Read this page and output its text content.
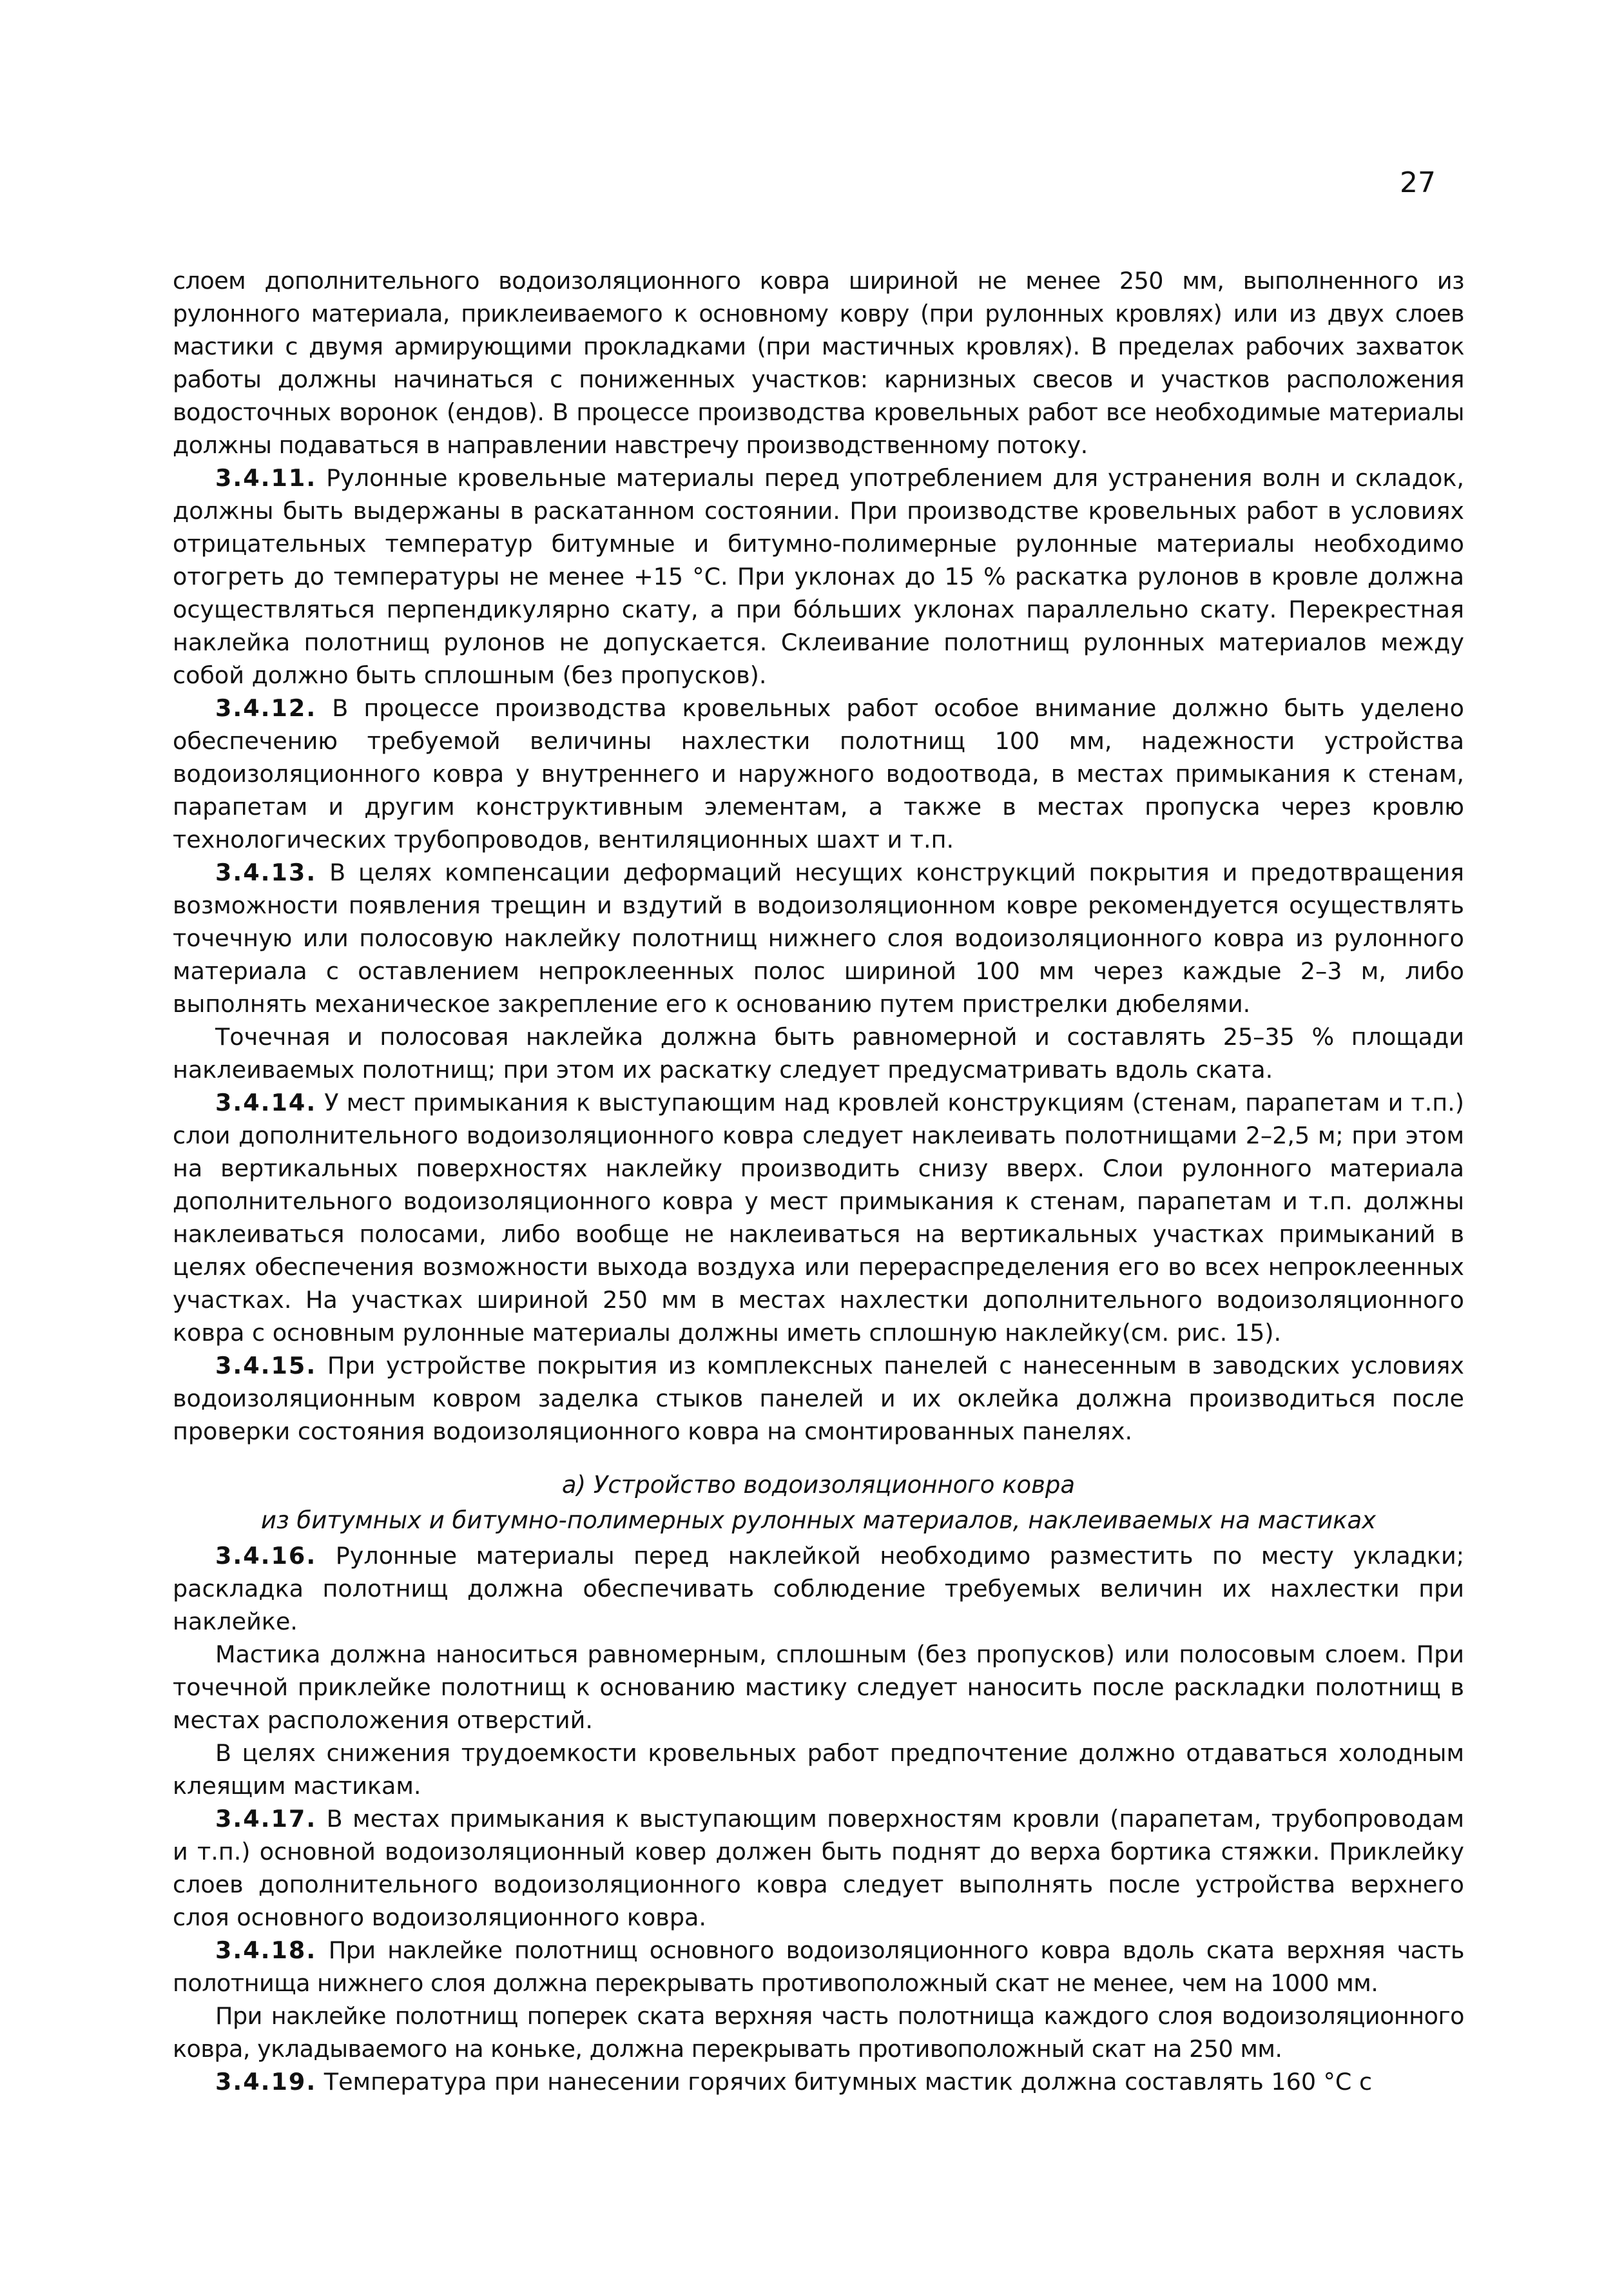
27

слоем дополнительного водоизоляционного ковра шириной не менее 250 мм, выполненного из рулонного материала, приклеиваемого к основному ковру (при рулонных кровлях) или из двух слоев мастики с двумя армирующими прокладками (при мастичных кровлях). В пределах рабочих захваток работы должны начинаться с пониженных участков: карнизных свесов и участков расположения водосточных воронок (ендов). В процессе производства кровельных работ все необходимые материалы должны подаваться в направлении навстречу производственному потоку.

3.4.11. Рулонные кровельные материалы перед употреблением для устранения волн и складок, должны быть выдержаны в раскатанном состоянии. При производстве кровельных работ в условиях отрицательных температур битумные и битумно-полимерные рулонные материалы необходимо отогреть до температуры не менее +15 °С. При уклонах до 15 % раскатка рулонов в кровле должна осуществляться перпендикулярно скату, а при бо́льших уклонах параллельно скату. Перекрестная наклейка полотнищ рулонов не допускается. Склеивание полотнищ рулонных материалов между собой должно быть сплошным (без пропусков).

3.4.12. В процессе производства кровельных работ особое внимание должно быть уделено обеспечению требуемой величины нахлестки полотнищ 100 мм, надежности устройства водоизоляционного ковра у внутреннего и наружного водоотвода, в местах примыкания к стенам, парапетам и другим конструктивным элементам, а также в местах пропуска через кровлю технологических трубопроводов, вентиляционных шахт и т.п.

3.4.13. В целях компенсации деформаций несущих конструкций покрытия и предотвращения возможности появления трещин и вздутий в водоизоляционном ковре рекомендуется осуществлять точечную или полосовую наклейку полотнищ нижнего слоя водоизоляционного ковра из рулонного материала с оставлением непроклеенных полос шириной 100 мм через каждые 2–3 м, либо выполнять механическое закрепление его к основанию путем пристрелки дюбелями.

Точечная и полосовая наклейка должна быть равномерной и составлять 25–35 % площади наклеиваемых полотнищ; при этом их раскатку следует предусматривать вдоль ската.

3.4.14. У мест примыкания к выступающим над кровлей конструкциям (стенам, парапетам и т.п.) слои дополнительного водоизоляционного ковра следует наклеивать полотнищами 2–2,5 м; при этом на вертикальных поверхностях наклейку производить снизу вверх. Слои рулонного материала дополнительного водоизоляционного ковра у мест примыкания к стенам, парапетам и т.п. должны наклеиваться полосами, либо вообще не наклеиваться на вертикальных участках примыканий в целях обеспечения возможности выхода воздуха или перераспределения его во всех непроклеенных участках. На участках шириной 250 мм в местах нахлестки дополнительного водоизоляционного ковра с основным рулонные материалы должны иметь сплошную наклейку(см. рис. 15).

3.4.15. При устройстве покрытия из комплексных панелей с нанесенным в заводских условиях водоизоляционным ковром заделка стыков панелей и их оклейка должна производиться после проверки состояния водоизоляционного ковра на смонтированных панелях.

а) Устройство водоизоляционного ковра
из битумных и битумно-полимерных рулонных материалов, наклеиваемых на мастиках

3.4.16. Рулонные материалы перед наклейкой необходимо разместить по месту укладки; раскладка полотнищ должна обеспечивать соблюдение требуемых величин их нахлестки при наклейке.

Мастика должна наноситься равномерным, сплошным (без пропусков) или полосовым слоем. При точечной приклейке полотнищ к основанию мастику следует наносить после раскладки полотнищ в местах расположения отверстий.

В целях снижения трудоемкости кровельных работ предпочтение должно отдаваться холодным клеящим мастикам.

3.4.17. В местах примыкания к выступающим поверхностям кровли (парапетам, трубопроводам и т.п.) основной водоизоляционный ковер должен быть поднят до верха бортика стяжки. Приклейку слоев дополнительного водоизоляционного ковра следует выполнять после устройства верхнего слоя основного водоизоляционного ковра.

3.4.18. При наклейке полотнищ основного водоизоляционного ковра вдоль ската верхняя часть полотнища нижнего слоя должна перекрывать противоположный скат не менее, чем на 1000 мм.

При наклейке полотнищ поперек ската верхняя часть полотнища каждого слоя водоизоляционного ковра, укладываемого на коньке, должна перекрывать противоположный скат на 250 мм.

3.4.19. Температура при нанесении горячих битумных мастик должна составлять 160 °С с
